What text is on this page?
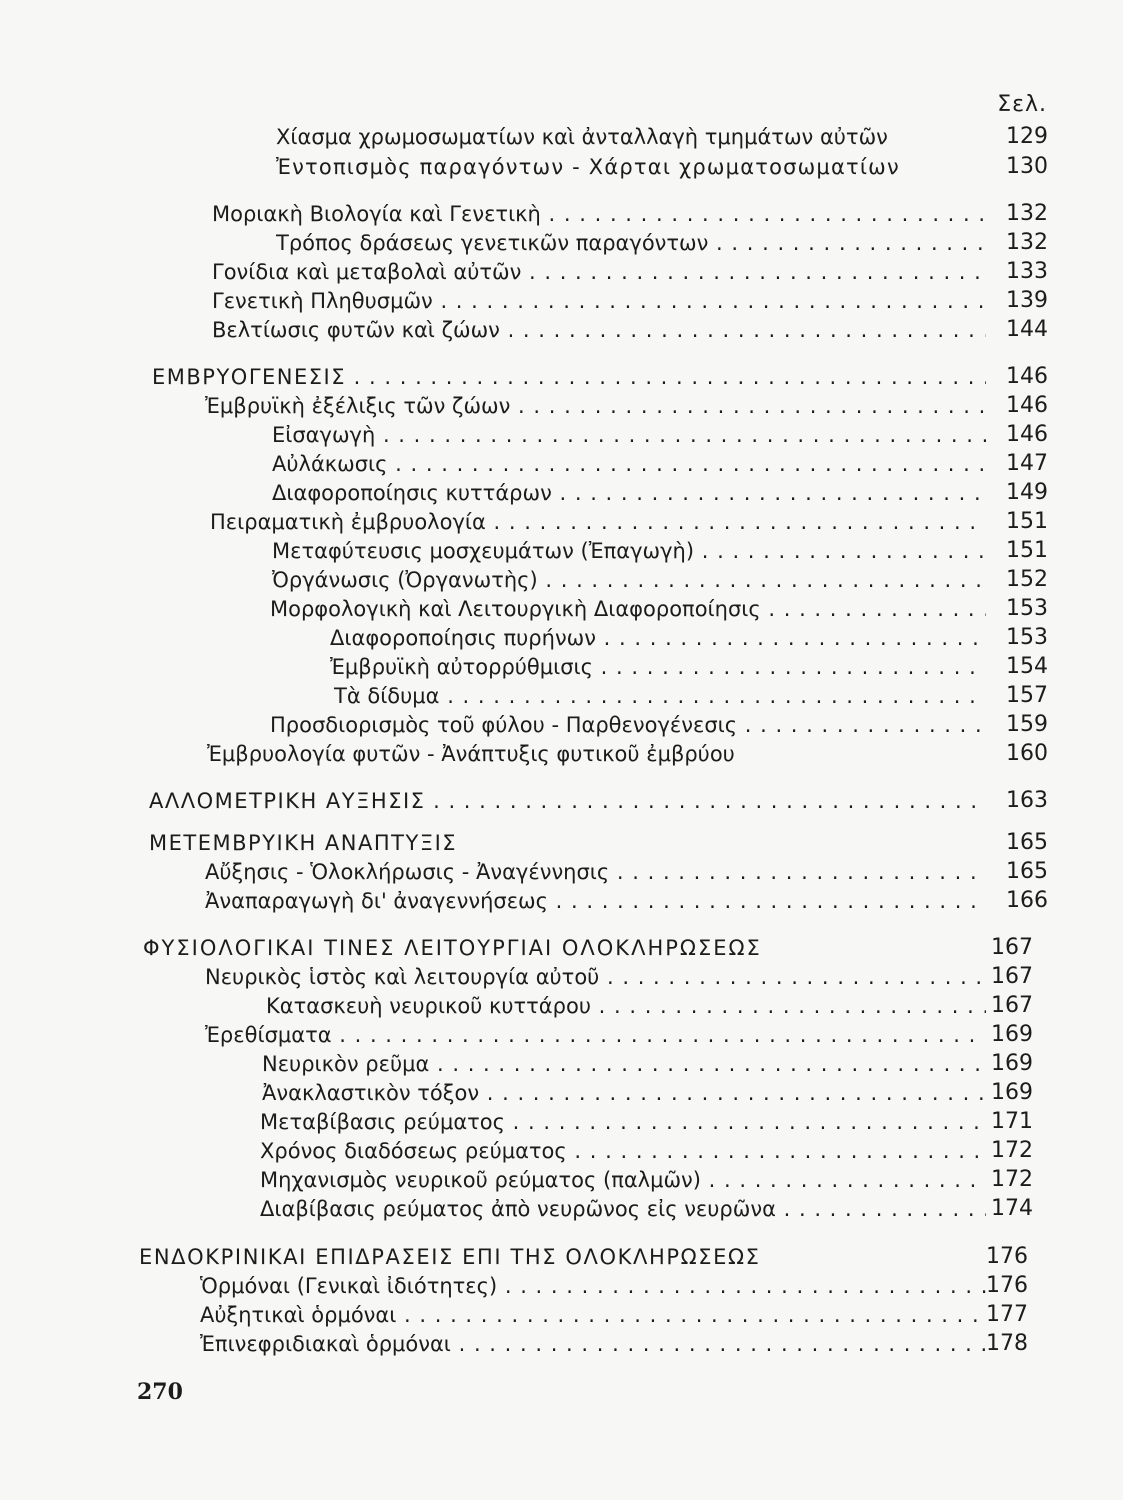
Σελ.
Χίασμα χρωμοσωματίων καὶ ἀνταλλαγὴ τμημάτων αὐτῶν	129
Ἐντοπισμὸς παραγόντων - Χάρται χρωματοσωματίων	130
Μοριακὴ Βιολογία καὶ Γενετικὴ . . .	132
Τρόπος δράσεως γενετικῶν παραγόντων . . .	132
Γονίδια καὶ μεταβολαὶ αὐτῶν . . .	133
Γενετικὴ Πληθυσμῶν . . .	139
Βελτίωσις φυτῶν καὶ ζώων . . .	144
ΕΜΒΡΥΟΓΕΝΕΣΙΣ . . .	146
Ἐμβρυϊκὴ ἐξέλιξις τῶν ζώων . . .	146
Εἰσαγωγὴ . . .	146
Αὐλάκωσις . . .	147
Διαφοροποίησις κυττάρων . . .	149
Πειραματικὴ ἐμβρυολογία . . .	151
Μεταφύτευσις μοσχευμάτων (Ἐπαγωγὴ) . . .	151
Ὀργάνωσις (Ὀργανωτὴς) . . .	152
Μορφολογικὴ καὶ Λειτουργικὴ Διαφοροποίησις . . .	153
Διαφοροποίησις πυρήνων . . .	153
Ἐμβρυϊκὴ αὐτορρύθμισις . . .	154
Τὰ δίδυμα . . .	157
Προσδιορισμὸς τοῦ φύλου - Παρθενογένεσις . . .	159
Ἐμβρυολογία φυτῶν - Ἀνάπτυξις φυτικοῦ ἐμβρύου	160
ΑΛΛΟΜΕΤΡΙΚΗ ΑΥΞΗΣΙΣ . . .	163
ΜΕΤΕΜΒΡΥΙΚΗ ΑΝΑΠΤΥΞΙΣ	165
Αὔξησις - Ὁλοκλήρωσις - Ἀναγέννησις . . .	165
Ἀναπαραγωγὴ δι' ἀναγεννήσεως . . .	166
ΦΥΣΙΟΛΟΓΙΚΑΙ ΤΙΝΕΣ ΛΕΙΤΟΥΡΓΙΑΙ ΟΛΟΚΛΗΡΩΣΕΩΣ	167
Νευρικὸς ἱστὸς καὶ λειτουργία αὐτοῦ . . .	167
Κατασκευὴ νευρικοῦ κυττάρου . . .	167
Ἐρεθίσματα . . .	169
Νευρικὸν ρεῦμα . . .	169
Ἀνακλαστικὸν τόξον . . .	169
Μεταβίβασις ρεύματος . . .	171
Χρόνος διαδόσεως ρεύματος . . .	172
Μηχανισμὸς νευρικοῦ ρεύματος (παλμῶν) . . .	172
Διαβίβασις ρεύματος ἀπὸ νευρῶνος εἰς νευρῶνα . . .	174
ΕΝΔΟΚΡΙΝΙΚΑΙ ΕΠΙΔΡΑΣΕΙΣ ΕΠΙ ΤΗΣ ΟΛΟΚΛΗΡΩΣΕΩΣ	176
Ὁρμόναι (Γενικαὶ ἰδιότητες) . . .	176
Αὐξητικαὶ ὁρμόναι . . .	177
Ἐπινεφριδιακαὶ ὁρμόναι . . .	178
270
